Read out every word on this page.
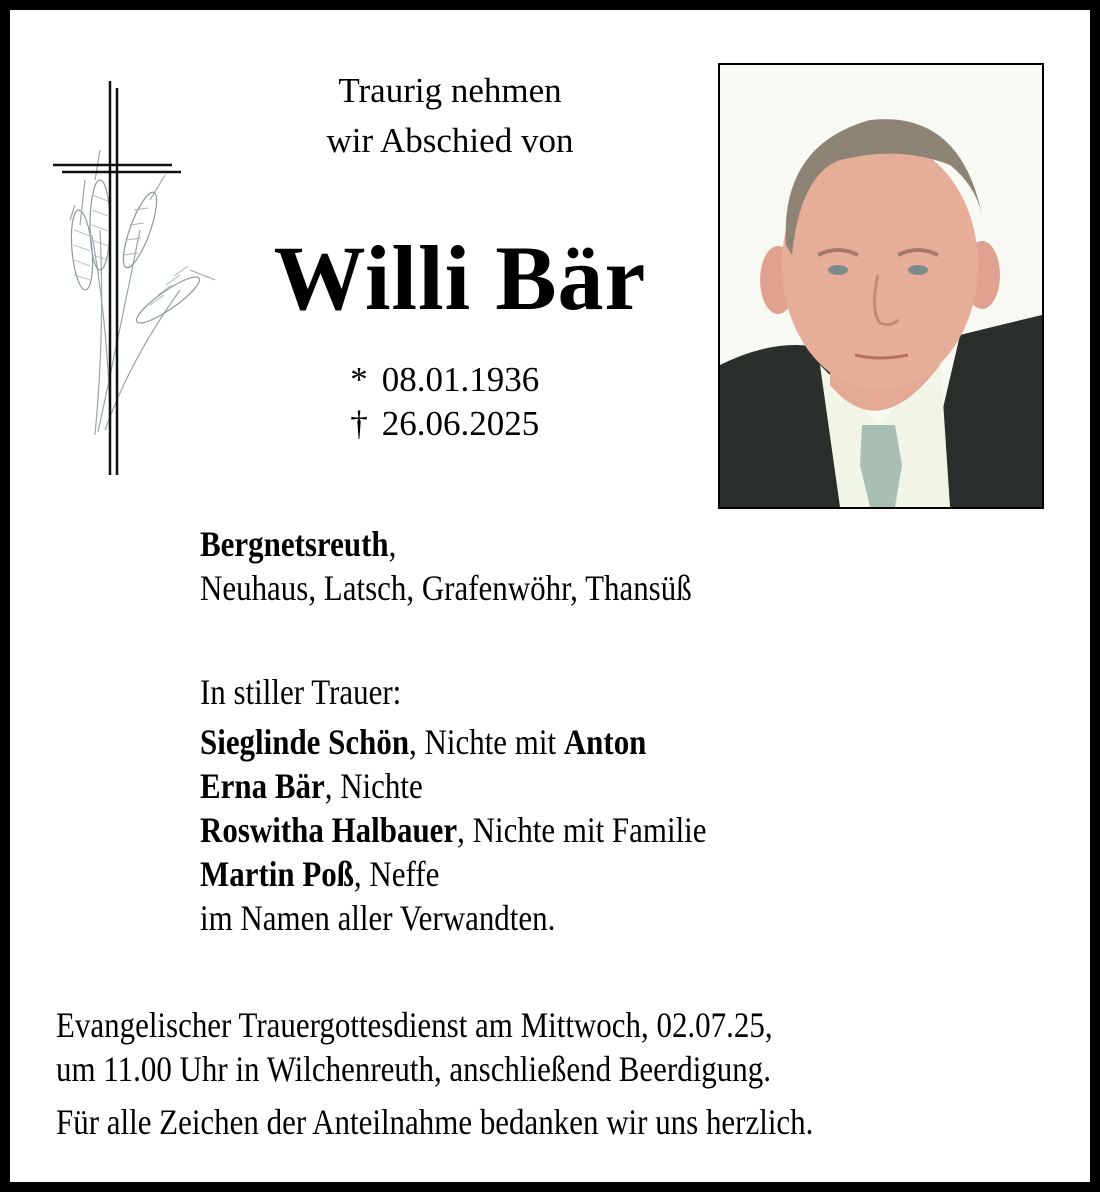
Traurig nehmen
wir Abschied von
Willi Bär
* 08.01.1936
† 26.06.2025
Bergnetsreuth,
Neuhaus, Latsch, Grafenwöhr, Thansüß
In stiller Trauer:
Sieglinde Schön, Nichte mit Anton
Erna Bär, Nichte
Roswitha Halbauer, Nichte mit Familie
Martin Poß, Neffe
im Namen aller Verwandten.
Evangelischer Trauergottesdienst am Mittwoch, 02.07.25,
um 11.00 Uhr in Wilchenreuth, anschließend Beerdigung.
Für alle Zeichen der Anteilnahme bedanken wir uns herzlich.
